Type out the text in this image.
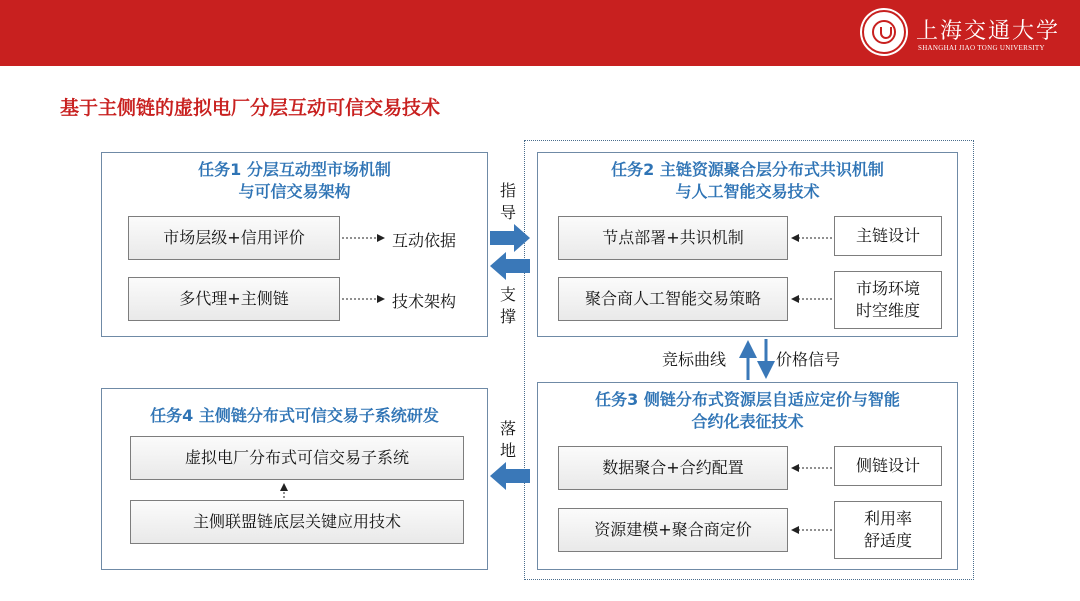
上海交通大学
SHANGHAI JIAO TONG UNIVERSITY
基于主侧链的虚拟电厂分层互动可信交易技术
任务1 分层互动型市场机制
与可信交易架构
市场层级+信用评价
多代理+主侧链
互动依据
技术架构
任务2 主链资源聚合层分布式共识机制
与人工智能交易技术
节点部署+共识机制
聚合商人工智能交易策略
主链设计
市场环境
时空维度
任务3 侧链分布式资源层自适应定价与智能
合约化表征技术
数据聚合+合约配置
资源建模+聚合商定价
侧链设计
利用率
舒适度
任务4 主侧链分布式可信交易子系统研发
虚拟电厂分布式可信交易子系统
主侧联盟链底层关键应用技术
指导
支撑
落地
竞标曲线	价格信号
